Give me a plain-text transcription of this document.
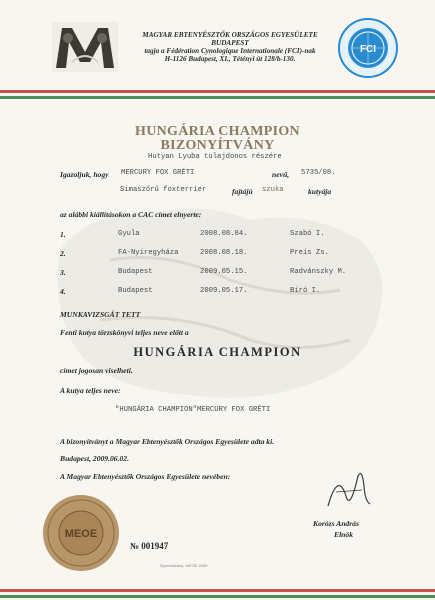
MAGYAR EBTENYÉSZTŐK ORSZÁGOS EGYESÜLETE
BUDAPEST
tagja a Fédération Cynologique Internationale (FCI)-nak
H-1126 Budapest, XI., Tétényi út 128/b-130.
FCI
HUNGÁRIA CHAMPION
BIZONYÍTVÁNY
Hutyan Lyuba tulajdonos részére
Igazoljuk, hogy MERCURY FOX GRÉTI	nevű, 5735/08.
Simaszőrű foxterrier	fajtájú szuka	kutyája
az alábbi kiállításokon a CAC címet elnyerte:
1.	Gyula	2008.08.04.	Szabó I.
2.	FA-Nyíregyháza	2008.08.18.	Preis Zs.
3.	Budapest	2009.05.15.	Radvánszky M.
4.	Budapest	2009.05.17.	Bíró I.
MUNKAVIZSGÁT TETT
Fenti kutya törzskönyvi teljes neve előtt a
HUNGÁRIA CHAMPION
címet jogosan viselheti.
A kutya teljes neve:
"HUNGÁRIA CHAMPION"MERCURY FOX GRÉTI
A bizonyítványt a Magyar Ebtenyésztők Országos Egyesülete adta ki.
Budapest, 2009.06.02.
A Magyar Ebtenyésztők Országos Egyesülete nevében:
Korózs András
Elnök
MEOE
№ 001947
Nyomtatvány: MEOE 2009
